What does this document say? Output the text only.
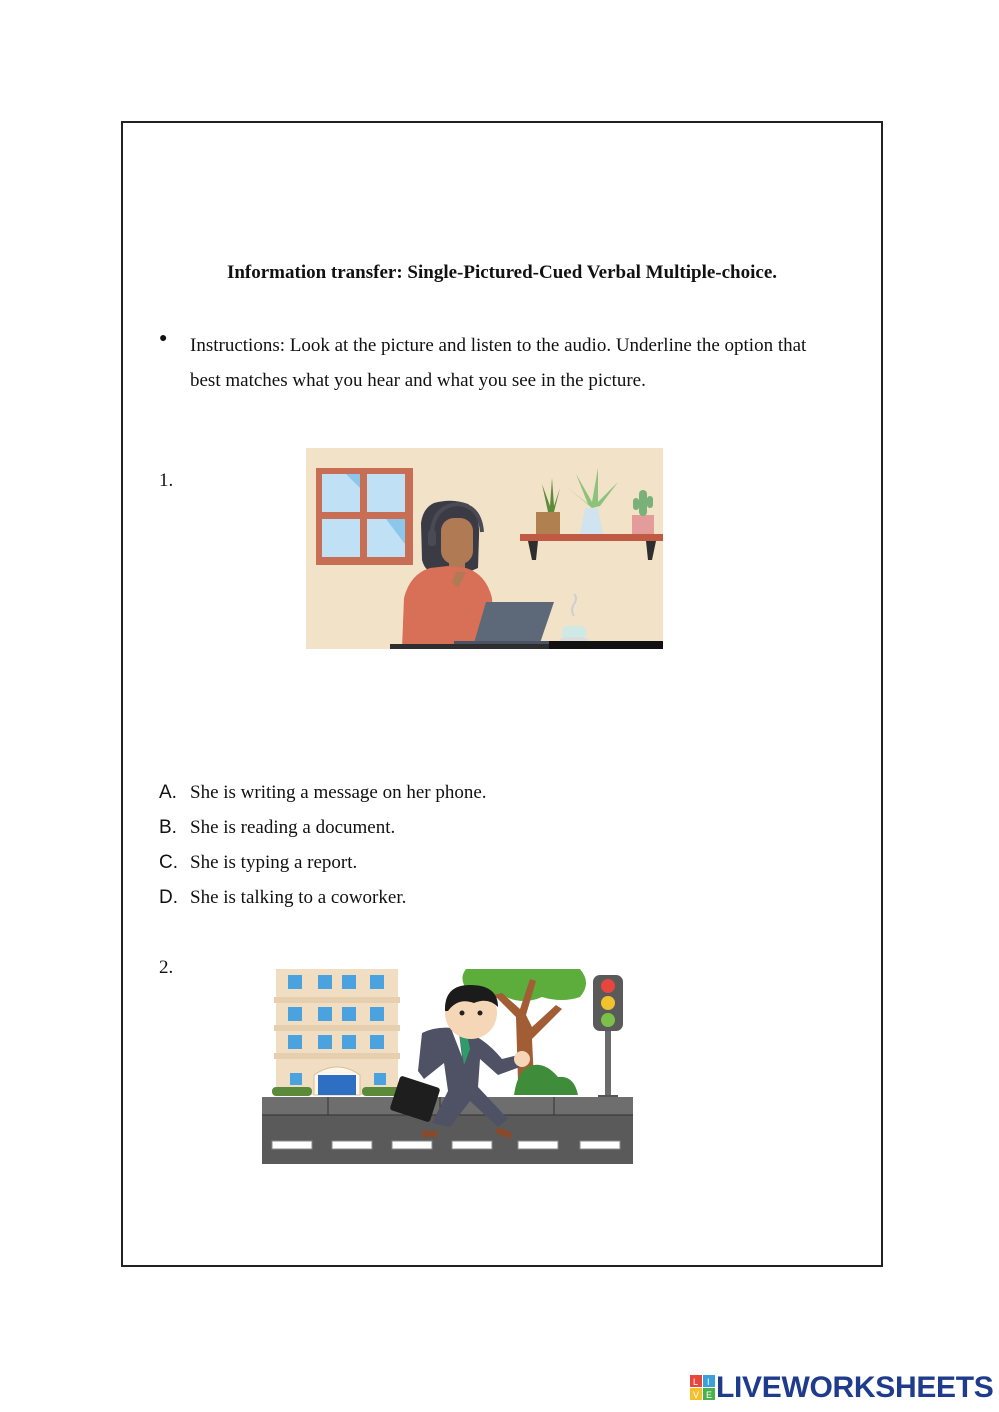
Information transfer: Single-Pictured-Cued Verbal Multiple-choice.
● Instructions: Look at the picture and listen to the audio. Underline the option that
best matches what you hear and what you see in the picture.
1.
A. She is writing a message on her phone.
B. She is reading a document.
C. She is typing a report.
D. She is talking to a coworker.
2.
L I
V E LIVEWORKSHEETS
